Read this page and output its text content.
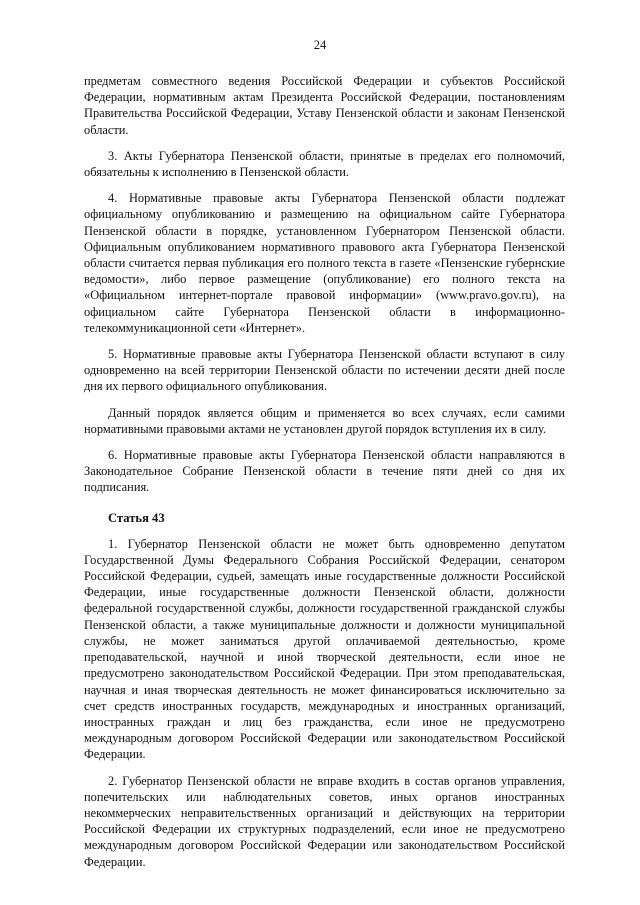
24

предметам совместного ведения Российской Федерации и субъектов Российской Федерации, нормативным актам Президента Российской Федерации, постановлениям Правительства Российской Федерации, Уставу Пензенской области и законам Пензенской области.

3. Акты Губернатора Пензенской области, принятые в пределах его полномочий, обязательны к исполнению в Пензенской области.

4. Нормативные правовые акты Губернатора Пензенской области подлежат официальному опубликованию и размещению на официальном сайте Губернатора Пензенской области в порядке, установленном Губернатором Пензенской области. Официальным опубликованием нормативного правового акта Губернатора Пензенской области считается первая публикация его полного текста в газете «Пензенские губернские ведомости», либо первое размещение (опубликование) его полного текста на «Официальном интернет-портале правовой информации» (www.pravo.gov.ru), на официальном сайте Губернатора Пензенской области в информационно-телекоммуникационной сети «Интернет».

5. Нормативные правовые акты Губернатора Пензенской области вступают в силу одновременно на всей территории Пензенской области по истечении десяти дней после дня их первого официального опубликования.

Данный порядок является общим и применяется во всех случаях, если самими нормативными правовыми актами не установлен другой порядок вступления их в силу.

6. Нормативные правовые акты Губернатора Пензенской области направляются в Законодательное Собрание Пензенской области в течение пяти дней со дня их подписания.

Статья 43

1. Губернатор Пензенской области не может быть одновременно депутатом Государственной Думы Федерального Собрания Российской Федерации, сенатором Российской Федерации, судьей, замещать иные государственные должности Российской Федерации, иные государственные должности Пензенской области, должности федеральной государственной службы, должности государственной гражданской службы Пензенской области, а также муниципальные должности и должности муниципальной службы, не может заниматься другой оплачиваемой деятельностью, кроме преподавательской, научной и иной творческой деятельности, если иное не предусмотрено законодательством Российской Федерации. При этом преподавательская, научная и иная творческая деятельность не может финансироваться исключительно за счет средств иностранных государств, международных и иностранных организаций, иностранных граждан и лиц без гражданства, если иное не предусмотрено международным договором Российской Федерации или законодательством Российской Федерации.

2. Губернатор Пензенской области не вправе входить в состав органов управления, попечительских или наблюдательных советов, иных органов иностранных некоммерческих неправительственных организаций и действующих на территории Российской Федерации их структурных подразделений, если иное не предусмотрено международным договором Российской Федерации или законодательством Российской Федерации.
